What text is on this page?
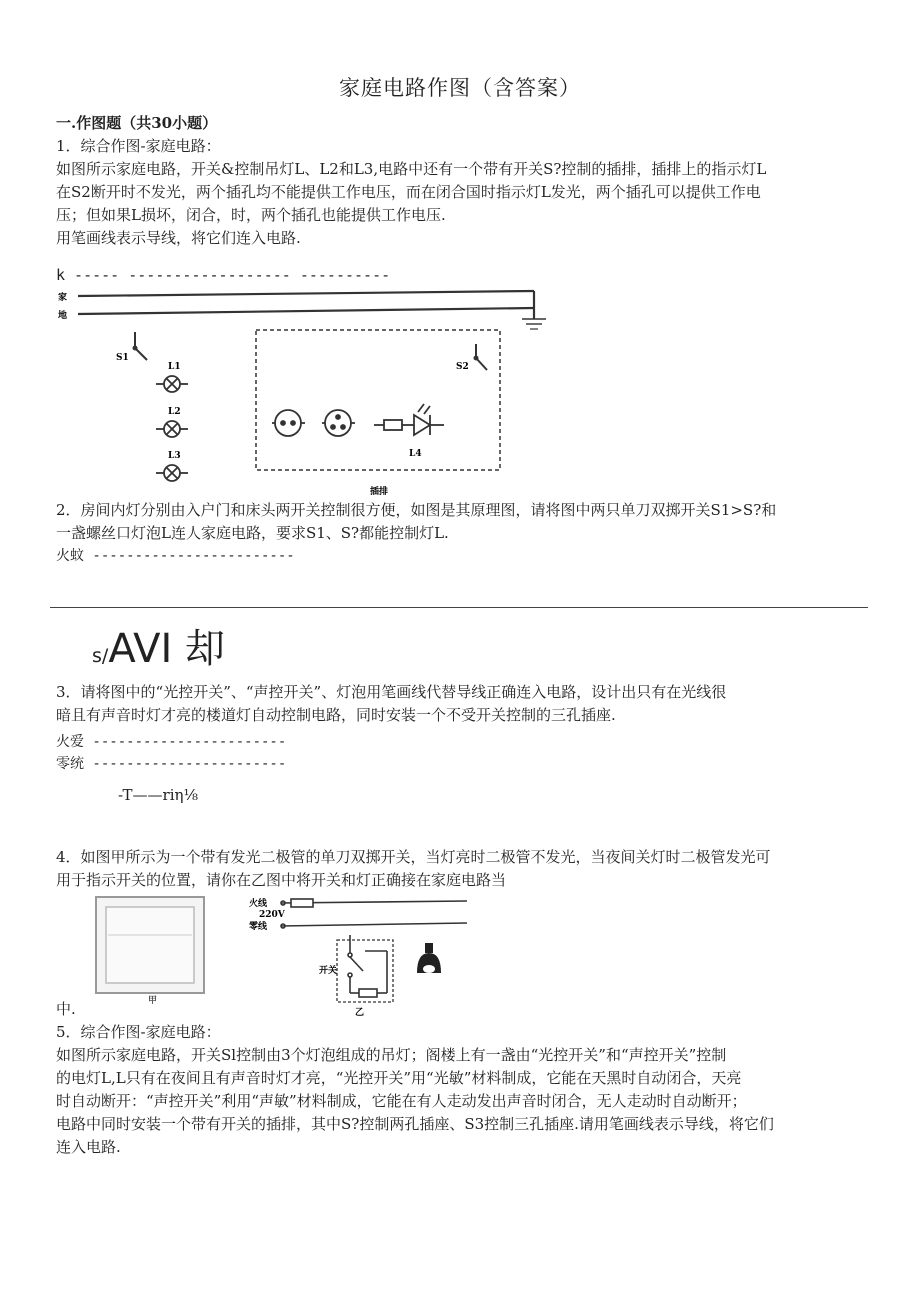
家庭电路作图（含答案）
一.作图题（共30小题）
1．综合作图-家庭电路：
如图所示家庭电路，开关&控制吊灯L、L2和L3,电路中还有一个带有开关S?控制的插排，插排上的指示灯L
在S2断开时不发光，两个插孔均不能提供工作电压，而在闭合国时指示灯L发光，两个插孔可以提供工作电
压；但如果L损坏，闭合，时，两个插孔也能提供工作电压.
用笔画线表示导线，将它们连入电路.
k ----- ------------------ ----------
家
地
S1
L1
L2
L3	L4
S2
插排
2．房间内灯分别由入户门和床头两开关控制很方便，如图是其原理图，请将图中两只单刀双掷开关S1>S?和
一盏螺丝口灯泡L连人家庭电路，要求S1、S?都能控制灯L.
火蚊 ------------------------
s/AVI 却
3．请将图中的“光控开关”、“声控开关”、灯泡用笔画线代替导线正确连入电路，设计出只有在光线很
暗且有声音时灯才亮的楼道灯自动控制电路，同时安装一个不受开关控制的三孔插座.
火爱 -----------------------
零统 -----------------------
-T——riη⅛
4．如图甲所示为一个带有发光二极管的单刀双掷开关，当灯亮时二极管不发光，当夜间关灯时二极管发光可
用于指示开关的位置，请你在乙图中将开关和灯正确接在家庭电路当
甲
火线
220V
零线
开关
乙
中.
5．综合作图-家庭电路：
如图所示家庭电路，开关Sl控制由3个灯泡组成的吊灯；阁楼上有一盏由“光控开关”和“声控开关”控制
的电灯L,L只有在夜间且有声音时灯才亮，“光控开关”用“光敏”材料制成，它能在天黑时自动闭合，天亮
时自动断开：“声控开关”利用“声敏”材料制成，它能在有人走动发出声音时闭合，无人走动时自动断开；
电路中同时安装一个带有开关的插排，其中S?控制两孔插座、S3控制三孔插座.请用笔画线表示导线，将它们
连入电路.
